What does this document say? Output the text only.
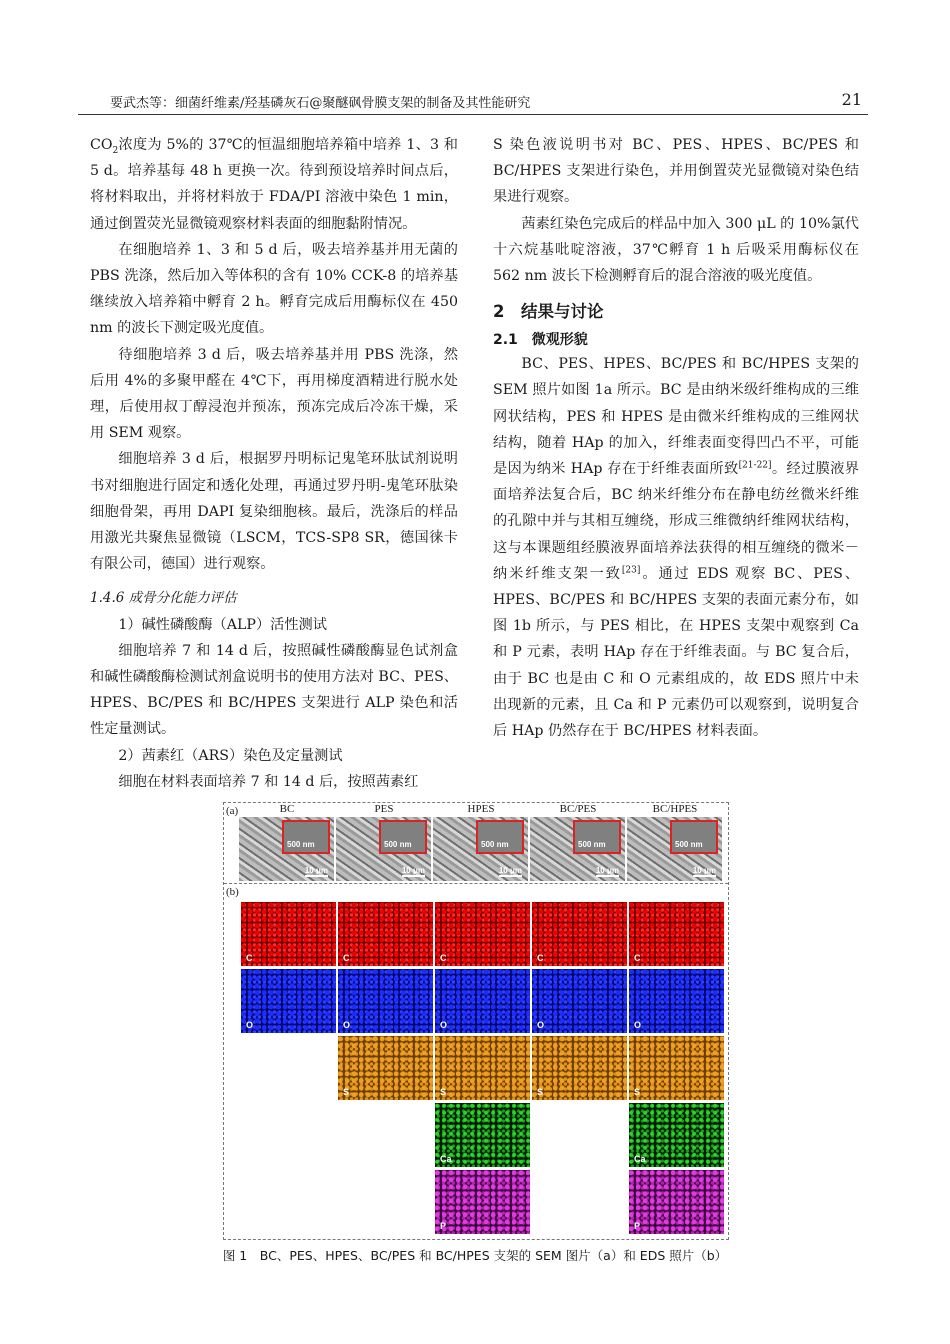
要武杰等：细菌纤维素/羟基磷灰石@聚醚砜骨膜支架的制备及其性能研究	21

$CO_2$浓度为 5%的 37℃的恒温细胞培养箱中培养 1、3 和 5 d。培养基每 48 h 更换一次。待到预设培养时间点后，将材料取出，并将材料放于 FDA/PI 溶液中染色 1 min，通过倒置荧光显微镜观察材料表面的细胞黏附情况。

在细胞培养 1、3 和 5 d 后，吸去培养基并用无菌的 PBS 洗涤，然后加入等体积的含有 10% CCK-8 的培养基继续放入培养箱中孵育 2 h。孵育完成后用酶标仪在 450 nm 的波长下测定吸光度值。

待细胞培养 3 d 后，吸去培养基并用 PBS 洗涤，然后用 4%的多聚甲醛在 4℃下，再用梯度酒精进行脱水处理，后使用叔丁醇浸泡并预冻，预冻完成后冷冻干燥，采用 SEM 观察。

细胞培养 3 d 后，根据罗丹明标记鬼笔环肽试剂说明书对细胞进行固定和透化处理，再通过罗丹明-鬼笔环肽染细胞骨架，再用 DAPI 复染细胞核。最后，洗涤后的样品用激光共聚焦显微镜（LSCM，TCS-SP8 SR，德国徕卡有限公司，德国）进行观察。

1.4.6 成骨分化能力评估

1）碱性磷酸酶（ALP）活性测试

细胞培养 7 和 14 d 后，按照碱性磷酸酶显色试剂盒和碱性磷酸酶检测试剂盒说明书的使用方法对 BC、PES、HPES、BC/PES 和 BC/HPES 支架进行 ALP 染色和活性定量测试。

2）茜素红（ARS）染色及定量测试

细胞在材料表面培养 7 和 14 d 后，按照茜素红

S 染色液说明书对 BC、PES、HPES、BC/PES 和 BC/HPES 支架进行染色，并用倒置荧光显微镜对染色结果进行观察。

茜素红染色完成后的样品中加入 300 μL 的 10%氯代十六烷基吡啶溶液，37℃孵育 1 h 后吸采用酶标仪在 562 nm 波长下检测孵育后的混合溶液的吸光度值。

2　结果与讨论

2.1　微观形貌

BC、PES、HPES、BC/PES 和 BC/HPES 支架的 SEM 照片如图 1a 所示。BC 是由纳米级纤维构成的三维网状结构，PES 和 HPES 是由微米纤维构成的三维网状结构，随着 HAp 的加入，纤维表面变得凹凸不平，可能是因为纳米 HAp 存在于纤维表面所致[21-22]。经过膜液界面培养法复合后，BC 纳米纤维分布在静电纺丝微米纤维的孔隙中并与其相互缠绕，形成三维微纳纤维网状结构，这与本课题组经膜液界面培养法获得的相互缠绕的微米－纳米纤维支架一致[23]。通过 EDS 观察 BC、PES、HPES、BC/PES 和 BC/HPES 支架的表面元素分布，如图 1b 所示，与 PES 相比，在 HPES 支架中观察到 Ca 和 P 元素，表明 HAp 存在于纤维表面。与 BC 复合后，由于 BC 也是由 C 和 O 元素组成的，故 EDS 照片中未出现新的元素，且 Ca 和 P 元素仍可以观察到，说明复合后 HAp 仍然存在于 BC/HPES 材料表面。

(a)	BC	PES	HPES	BC/PES	BC/HPES
500 nm
10 μm
500 nm
10 μm
500 nm
10 μm
500 nm
10 μm
500 nm
10 μm
(b)
C	C	C	C	C
O	O	O	O	O
S	S	S	S
Ca	Ca
P	P
图 1　BC、PES、HPES、BC/PES 和 BC/HPES 支架的 SEM 图片（a）和 EDS 照片（b）
